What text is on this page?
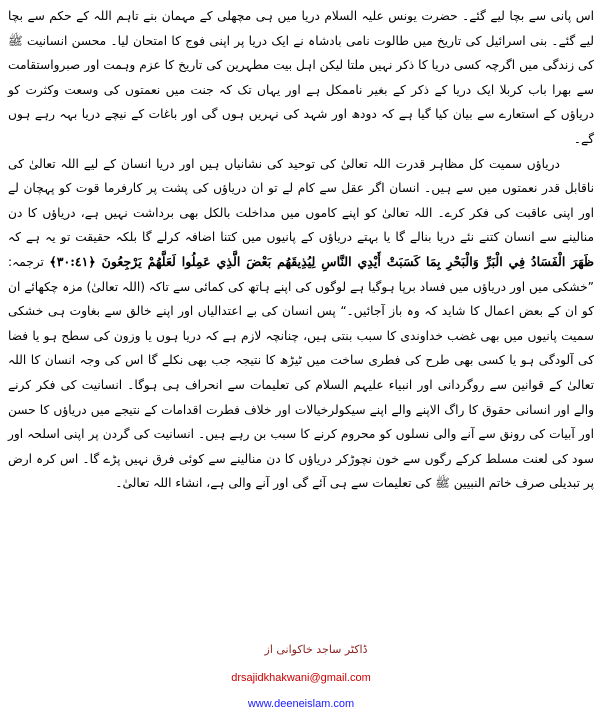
اس پانی سے بچا لیے گئے۔ حضرت یونس علیہ السلام دریا میں ہی مچھلی کے مہمان بنے تاہم اللہ کے حکم سے بچا لیے گئے۔ بنی اسرائیل کی تاریخ میں طالوت نامی بادشاہ نے ایک دریا پر اپنی فوج کا امتحان لیا۔ محسن انسانیت ﷺ کی زندگی میں اگرچہ کسی دریا کا ذکر نہیں ملتا لیکن اہل بیت مطہرین کی تاریخ کا عزم وہمت اور صبرواستقامت سے بھرا باب کربلا ایک دریا کے ذکر کے بغیر ناممکل ہے اور یہاں تک کہ جنت میں نعمتوں کی وسعت وکثرت کو دریاؤں کے استعارے سے بیان کیا گیا ہے کہ دودھ اور شہد کی نہریں ہوں گی اور باغات کے نیچے دریا بہہ رہے ہوں گے۔

دریاؤں سمیت کل مظاہر قدرت اللہ تعالیٰ کی توحید کی نشانیاں ہیں اور دریا انسان کے لیے اللہ تعالیٰ کی ناقابل قدر نعمتوں میں سے ہیں۔ انسان اگر عقل سے کام لے تو ان دریاؤں کی پشت پر کارفرما قوت کو پہچان لے اور اپنی عاقبت کی فکر کرے۔ اللہ تعالیٰ کو اپنے کاموں میں مداخلت بالکل بھی برداشت نہیں ہے، دریاؤں کا دن منالینے سے انسان کتنے نئے دریا بنالے گا یا بہتے دریاؤں کے پانیوں میں کتنا اضافہ کرلے گا بلکہ حقیقت تو یہ ہے کہ ظَهَرَ الْفَسَادُ فِي الْبَرِّ وَالْبَحْرِ بِمَا كَسَبَتْ أَيْدِي النَّاسِ لِيُذِيقَهُم بَعْضَ الَّذِي عَمِلُوا لَعَلَّهُمْ يَرْجِعُونَ ﴿٣٠:٤١﴾ ترجمہ: ”خشکی میں اور دریاؤں میں فساد برپا ہوگیا ہے لوگوں کی اپنے ہاتھ کی کمائی سے تاکہ (اللہ تعالیٰ) مزہ چکھائے ان کو ان کے بعض اعمال کا شاید کہ وہ باز آجائیں۔“ پس انسان کی بے اعتدالیاں اور اپنے خالق سے بغاوت ہی خشکی سمیت پانیوں میں بھی غضب خداوندی کا سبب بنتی ہیں، چنانچہ لازم ہے کہ دریا ہوں یا وزون کی سطح ہو یا فضا کی آلودگی ہو یا کسی بھی طرح کی فطری ساخت میں ٹیڑھ کا نتیجہ جب بھی نکلے گا اس کی وجہ انسان کا اللہ تعالیٰ کے قوانین سے روگردانی اور انبیاء علیہم السلام کی تعلیمات سے انحراف ہی ہوگا۔ انسانیت کی فکر کرنے والے اور انسانی حقوق کا راگ الاپنے والے اپنے سیکولرخیالات اور خلاف فطرت اقدامات کے نتیجے میں دریاؤں کا حسن اور آبیات کی رونق سے آنے والی نسلوں کو محروم کرنے کا سبب بن رہے ہیں۔ انسانیت کی گردن پر اپنی اسلحہ اور سود کی لعنت مسلط کرکے رگوں سے خون نچوڑکر دریاؤں کا دن منالینے سے کوئی فرق نہیں پڑے گا۔ اس کرہ ارض پر تبدیلی صرف خاتم النبیین ﷺ کی تعلیمات سے ہی آئے گی اور آنے والی ہے، انشاء اللہ تعالیٰ۔

ڈاکٹر ساجد خاکوانی از
drsajidkhakwani@gmail.com
www.deeneislam.com
